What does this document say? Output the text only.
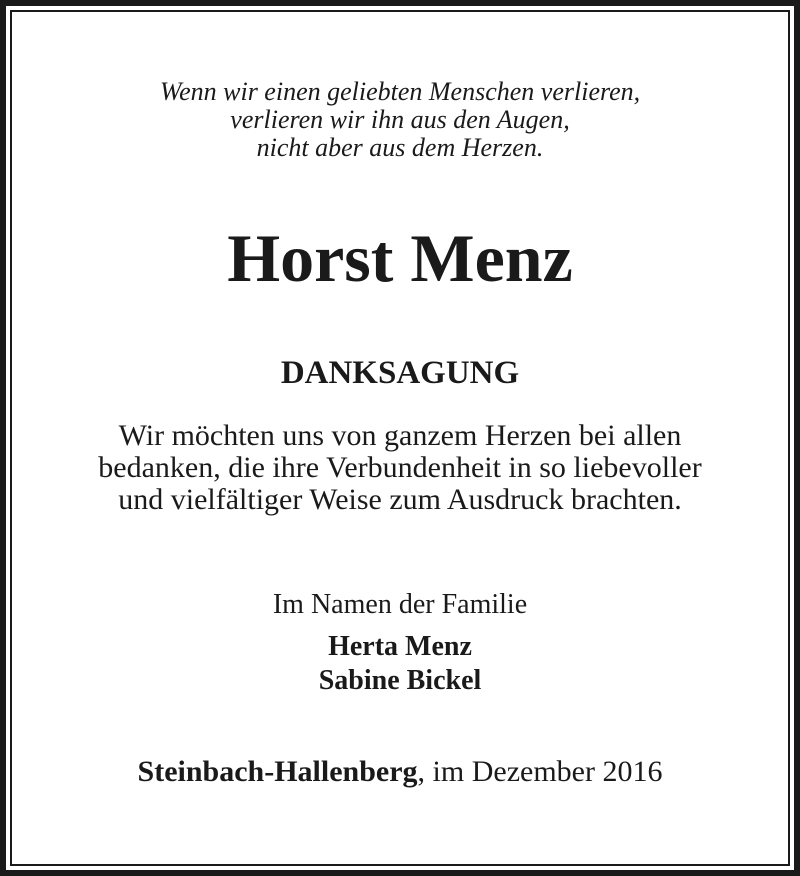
Wenn wir einen geliebten Menschen verlieren,
verlieren wir ihn aus den Augen,
nicht aber aus dem Herzen.
Horst Menz
DANKSAGUNG
Wir möchten uns von ganzem Herzen bei allen
bedanken, die ihre Verbundenheit in so liebevoller
und vielfältiger Weise zum Ausdruck brachten.
Im Namen der Familie
Herta Menz
Sabine Bickel
Steinbach-Hallenberg, im Dezember 2016
